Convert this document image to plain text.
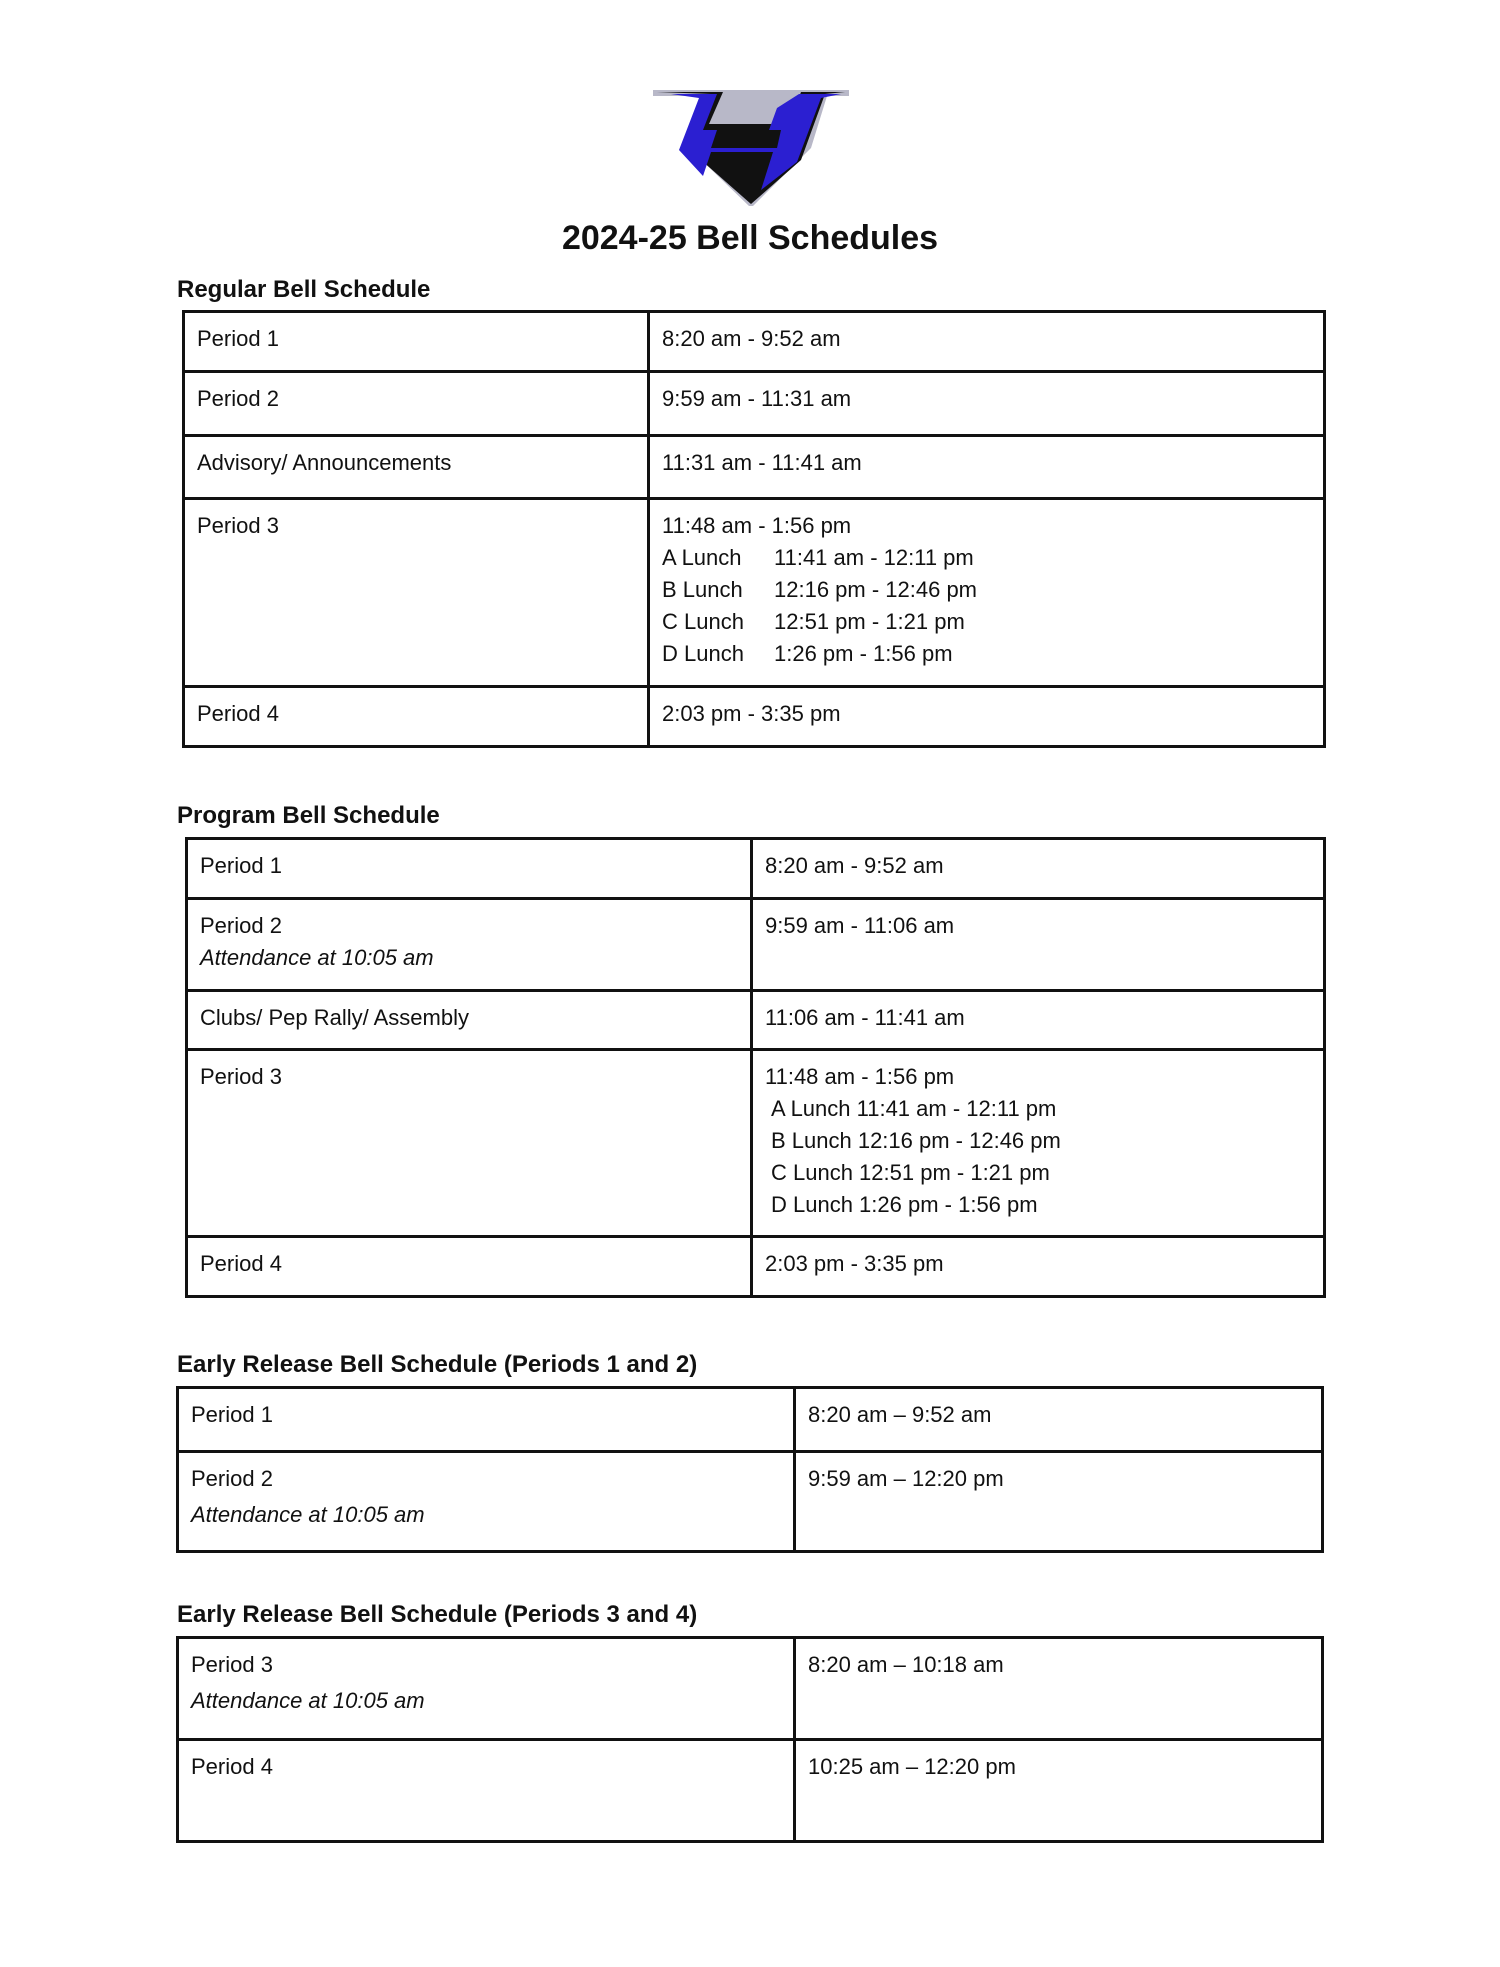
2024-25 Bell Schedules
Regular Bell Schedule
Period 1	8:20 am - 9:52 am
Period 2	9:59 am - 11:31 am
Advisory/ Announcements	11:31 am - 11:41 am
Period 3	11:48 am - 1:56 pm
A Lunch 11:41 am - 12:11 pm
B Lunch 12:16 pm - 12:46 pm
C Lunch 12:51 pm - 1:21 pm
D Lunch 1:26 pm - 1:56 pm

Period 4	2:03 pm - 3:35 pm
Program Bell Schedule
Period 1	8:20 am - 9:52 am

Period 2
Attendance at 10:05 am	9:59 am - 11:06 am
Clubs/ Pep Rally/ Assembly	11:06 am - 11:41 am
Period 3	11:48 am - 1:56 pm
A Lunch 11:41 am - 12:11 pm
B Lunch 12:16 pm - 12:46 pm
C Lunch 12:51 pm - 1:21 pm
D Lunch 1:26 pm - 1:56 pm

Period 4	2:03 pm - 3:35 pm
Early Release Bell Schedule (Periods 1 and 2)
Period 1	8:20 am – 9:52 am

Period 2
Attendance at 10:05 am	9:59 am – 12:20 pm
Early Release Bell Schedule (Periods 3 and 4)
Period 3
Attendance at 10:05 am	8:20 am – 10:18 am
Period 4	10:25 am – 12:20 pm
